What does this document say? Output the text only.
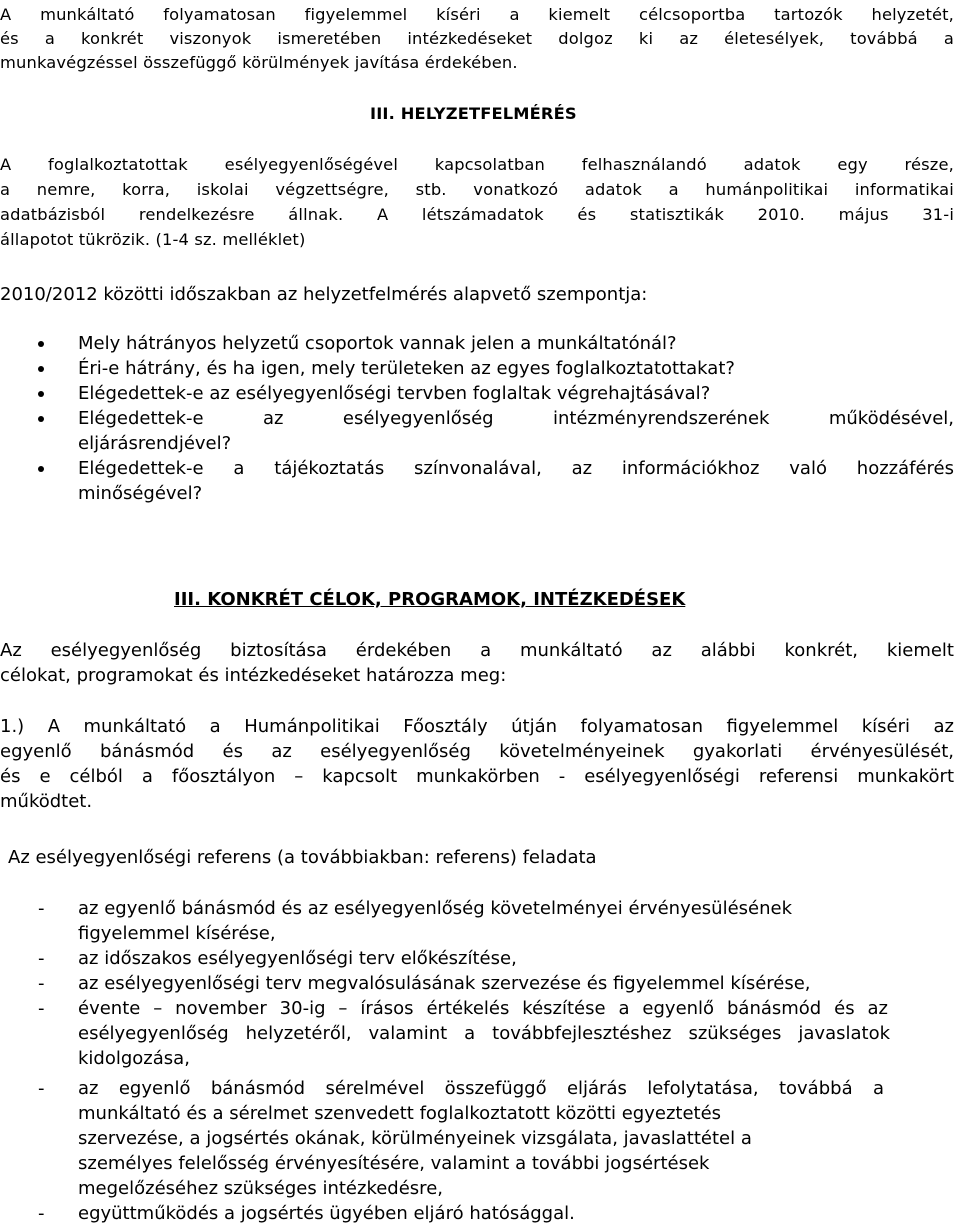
A munkáltató folyamatosan figyelemmel kíséri a kiemelt célcsoportba tartozók helyzetét,

és a konkrét viszonyok ismeretében intézkedéseket dolgoz ki az életesélyek, továbbá a

munkavégzéssel összefüggő körülmények javítása érdekében.

III. HELYZETFELMÉRÉS

A foglalkoztatottak esélyegyenlőségével kapcsolatban felhasználandó adatok egy része,

a nemre, korra, iskolai végzettségre, stb. vonatkozó adatok a humánpolitikai informatikai

adatbázisból rendelkezésre állnak. A létszámadatok és statisztikák 2010. május 31-i

állapotot tükrözik. (1-4 sz. melléklet)

2010/2012 közötti időszakban az helyzetfelmérés alapvető szempontja:

Mely hátrányos helyzetű csoportok vannak jelen a munkáltatónál?

Éri-e hátrány, és ha igen, mely területeken az egyes foglalkoztatottakat?

Elégedettek-e az esélyegyenlőségi tervben foglaltak végrehajtásával?

Elégedettek-e az esélyegyenlőség intézményrendszerének működésével,

eljárásrendjével?

Elégedettek-e a tájékoztatás színvonalával, az információkhoz való hozzáférés

minőségével?

III. KONKRÉT CÉLOK, PROGRAMOK, INTÉZKEDÉSEK

Az esélyegyenlőség biztosítása érdekében a munkáltató az alábbi konkrét, kiemelt

célokat, programokat és intézkedéseket határozza meg:

1.) A munkáltató a Humánpolitikai Főosztály útján folyamatosan figyelemmel kíséri az

egyenlő bánásmód és az esélyegyenlőség követelményeinek gyakorlati érvényesülését,

és e célból a főosztályon – kapcsolt munkakörben - esélyegyenlőségi referensi munkakört

működtet.

Az esélyegyenlőségi referens (a továbbiakban: referens) feladata

- az egyenlő bánásmód és az esélyegyenlőség követelményei érvényesülésének

figyelemmel kísérése,

- az időszakos esélyegyenlőségi terv előkészítése,

- az esélyegyenlőségi terv megvalósulásának szervezése és figyelemmel kísérése,

- évente – november 30-ig – írásos értékelés készítése a egyenlő bánásmód és az

esélyegyenlőség helyzetéről, valamint a továbbfejlesztéshez szükséges javaslatok

kidolgozása,

- az egyenlő bánásmód sérelmével összefüggő eljárás lefolytatása, továbbá a

munkáltató és a sérelmet szenvedett foglalkoztatott közötti egyeztetés

szervezése, a jogsértés okának, körülményeinek vizsgálata, javaslattétel a

személyes felelősség érvényesítésére, valamint a további jogsértések

megelőzéséhez szükséges intézkedésre,

- együttműködés a jogsértés ügyében eljáró hatósággal.
